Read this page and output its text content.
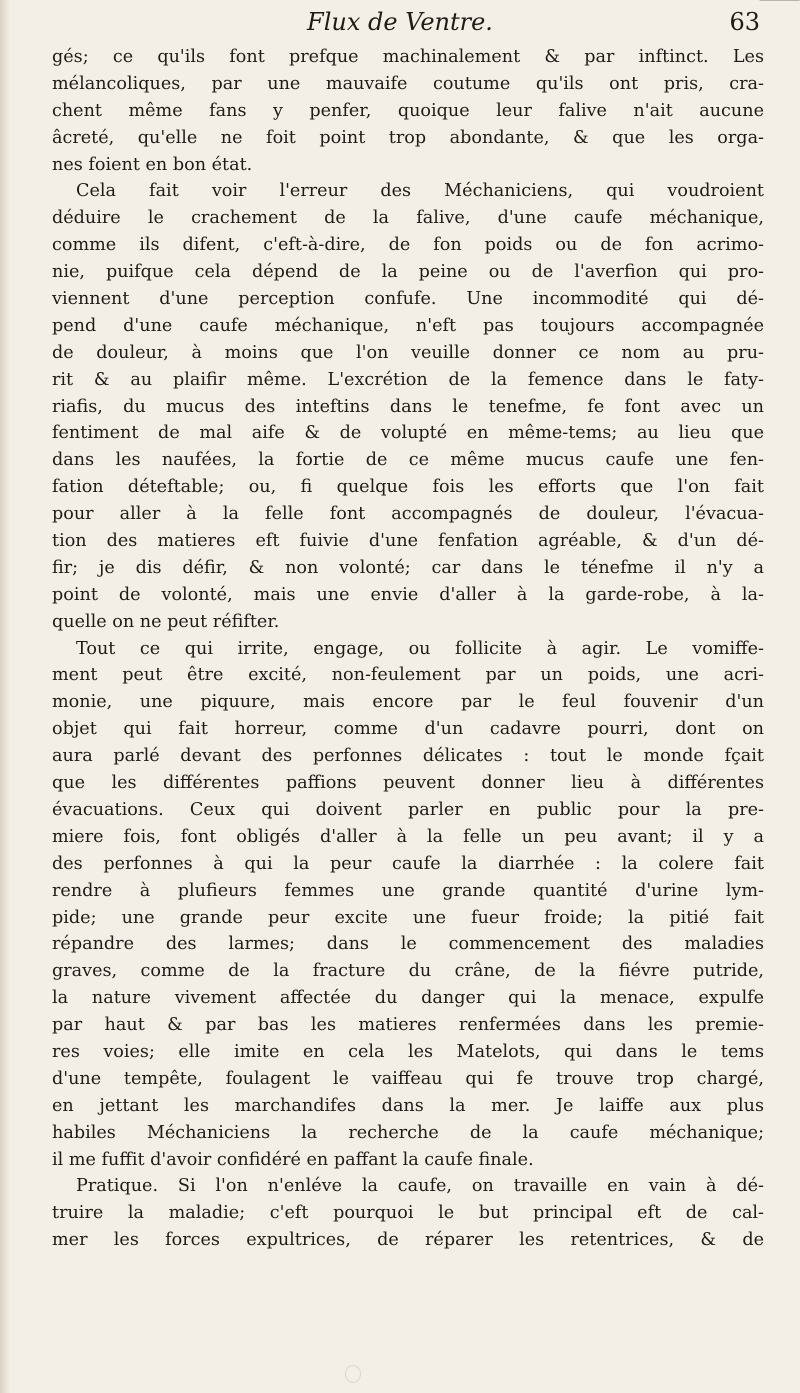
Flux de Ventre.	63
gés; ce qu'ils font prefque machinalement & par inftinct. Les
mélancoliques, par une mauvaife coutume qu'ils ont pris, cra-
chent même fans y penfer, quoique leur falive n'ait aucune
âcreté, qu'elle ne foit point trop abondante, & que les orga-
nes foient en bon état.
Cela fait voir l'erreur des Méchaniciens, qui voudroient
déduire le crachement de la falive, d'une caufe méchanique,
comme ils difent, c'eft-à-dire, de fon poids ou de fon acrimo-
nie, puifque cela dépend de la peine ou de l'averfion qui pro-
viennent d'une perception confufe. Une incommodité qui dé-
pend d'une caufe méchanique, n'eft pas toujours accompagnée
de douleur, à moins que l'on veuille donner ce nom au pru-
rit & au plaifir même. L'excrétion de la femence dans le faty-
riafis, du mucus des inteftins dans le tenefme, fe font avec un
fentiment de mal aife & de volupté en même-tems; au lieu que
dans les naufées, la fortie de ce même mucus caufe une fen-
fation déteftable; ou, fi quelque fois les efforts que l'on fait
pour aller à la felle font accompagnés de douleur, l'évacua-
tion des matieres eft fuivie d'une fenfation agréable, & d'un dé-
fir; je dis défir, & non volonté; car dans le ténefme il n'y a
point de volonté, mais une envie d'aller à la garde-robe, à la-
quelle on ne peut réfifter.
Tout ce qui irrite, engage, ou follicite à agir. Le vomiffe-
ment peut être excité, non-feulement par un poids, une acri-
monie, une piquure, mais encore par le feul fouvenir d'un
objet qui fait horreur, comme d'un cadavre pourri, dont on
aura parlé devant des perfonnes délicates : tout le monde fçait
que les différentes paffions peuvent donner lieu à différentes
évacuations. Ceux qui doivent parler en public pour la pre-
miere fois, font obligés d'aller à la felle un peu avant; il y a
des perfonnes à qui la peur caufe la diarrhée : la colere fait
rendre à plufieurs femmes une grande quantité d'urine lym-
pide; une grande peur excite une fueur froide; la pitié fait
répandre des larmes; dans le commencement des maladies
graves, comme de la fracture du crâne, de la fiévre putride,
la nature vivement affectée du danger qui la menace, expulfe
par haut & par bas les matieres renfermées dans les premie-
res voies; elle imite en cela les Matelots, qui dans le tems
d'une tempête, foulagent le vaiffeau qui fe trouve trop chargé,
en jettant les marchandifes dans la mer. Je laiffe aux plus
habiles Méchaniciens la recherche de la caufe méchanique;
il me fuffit d'avoir confidéré en paffant la caufe finale.
Pratique. Si l'on n'enléve la caufe, on travaille en vain à dé-
truire la maladie; c'eft pourquoi le but principal eft de cal-
mer les forces expultrices, de réparer les retentrices, & de
